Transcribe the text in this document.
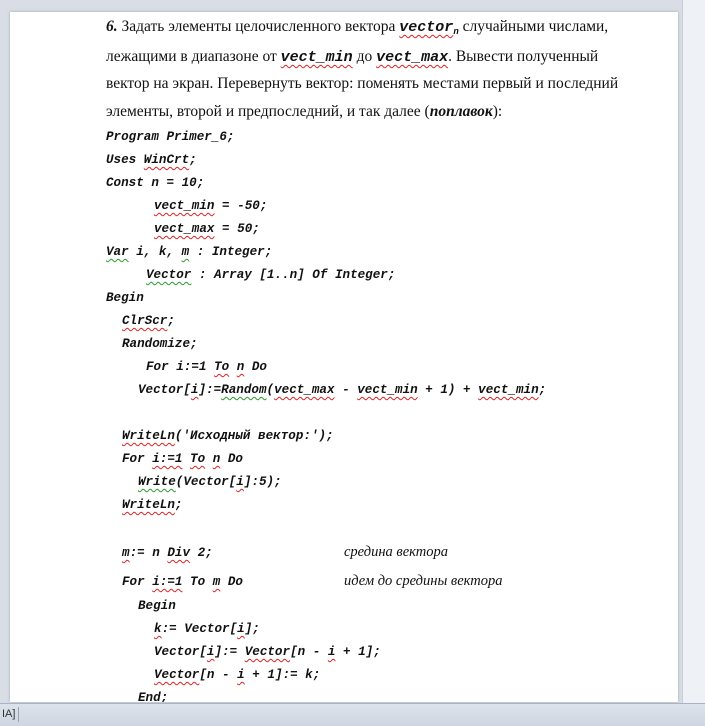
6. Задать элементы целочисленного вектора vector$_n$ случайными числами,
лежащими в диапазоне от vect_min до vect_max. Вывести полученный
вектор на экран. Перевернуть вектор: поменять местами первый и последний
элементы, второй и предпоследний, и так далее (поплавок):
Program Primer_6;
Uses WinCrt;
Const n = 10;
vect_min = -50;
vect_max = 50;
Var i, k, m : Integer;
Vector : Array [1..n] Of Integer;
Begin
ClrScr;
Randomize;
For i:=1 To n Do
Vector[i]:=Random(vect_max - vect_min + 1) + vect_min;
WriteLn('Исходный вектор:');
For i:=1 To n Do
Write(Vector[i]:5);
WriteLn;
m:= n Div 2;	средина вектора
For i:=1 To m Do	идем до средины вектора
Begin
k:= Vector[i];
Vector[i]:= Vector[n - i + 1];
Vector[n - i + 1]:= k;
End;
IA]
